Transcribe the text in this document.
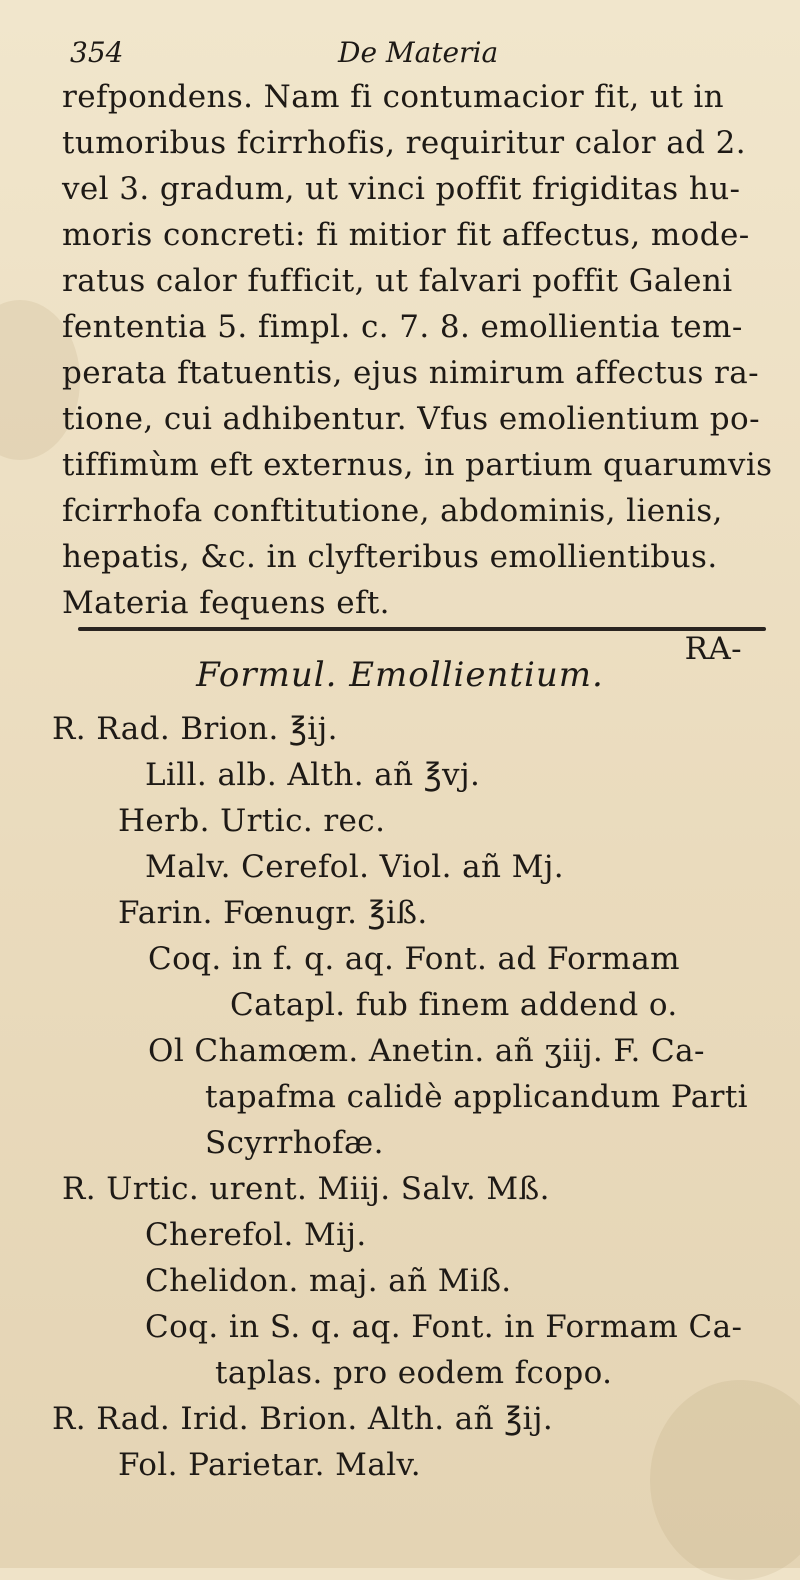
354	De Materia
refpondens. Nam fi contumacior fit, ut in
tumoribus fcirrhofis, requiritur calor ad 2.
vel 3. gradum, ut vinci poffit frigiditas hu-
moris concreti: fi mitior fit affectus, mode-
ratus calor fufficit, ut falvari poffit Galeni
fententia 5. fimpl. c. 7. 8. emollientia tem-
perata ftatuentis, ejus nimirum affectus ra-
tione, cui adhibentur. Vfus emolientium po-
tiffimùm eft externus, in partium quarumvis
fcirrhofa conftitutione, abdominis, lienis,
hepatis, &c. in clyfteribus emollientibus.
Materia fequens eft.
RA-
Formul. Emollientium.
R. Rad. Brion. ℥ij.
Lill. alb. Alth. añ ℥vj.
Herb. Urtic. rec.
Malv. Cerefol. Viol. añ Mj.
Farin. Fœnugr. ℥iß.
Coq. in f. q. aq. Font. ad Formam
Catapl. fub finem addend o.
Ol Chamœm. Anetin. añ ʒiij. F. Ca-
tapafma calidè applicandum Parti
Scyrrhofæ.
R. Urtic. urent. Miij. Salv. Mß.
Cherefol. Mij.
Chelidon. maj. añ Miß.
Coq. in S. q. aq. Font. in Formam Ca-
taplas. pro eodem fcopo.
R. Rad. Irid. Brion. Alth. añ ℥ij.
Fol. Parietar. Malv.
